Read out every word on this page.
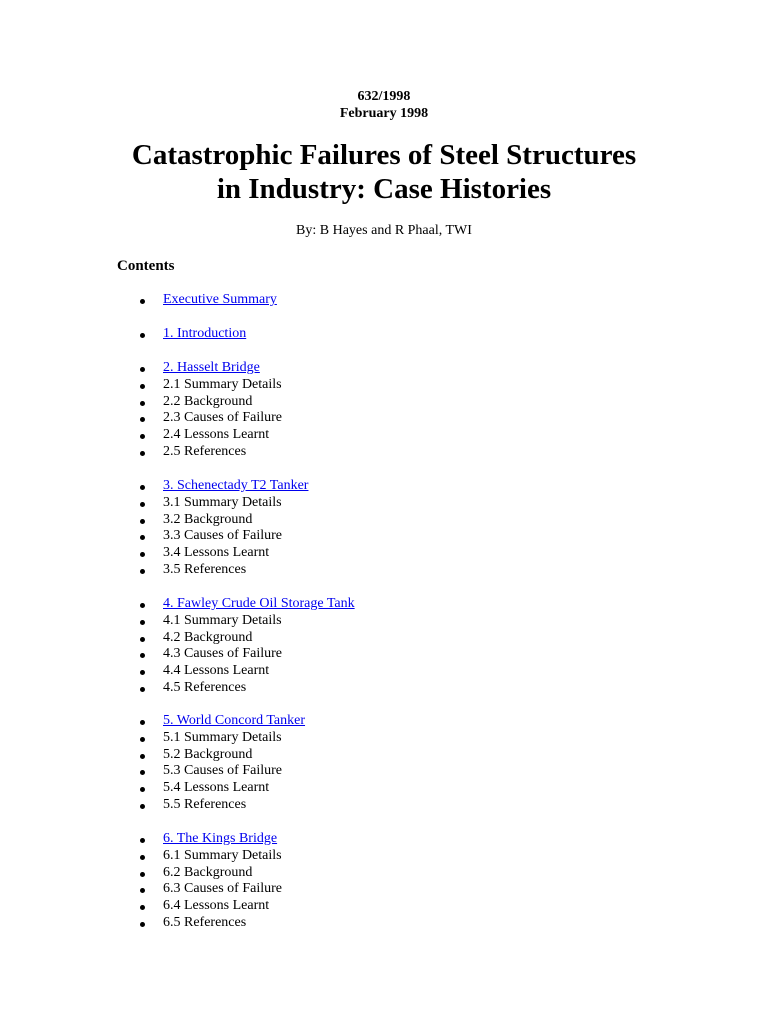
632/1998
February 1998
Catastrophic Failures of Steel Structures
in Industry: Case Histories
By: B Hayes and R Phaal, TWI
Contents
Executive Summary
1. Introduction
2. Hasselt Bridge
2.1 Summary Details
2.2 Background
2.3 Causes of Failure
2.4 Lessons Learnt
2.5 References
3. Schenectady T2 Tanker
3.1 Summary Details
3.2 Background
3.3 Causes of Failure
3.4 Lessons Learnt
3.5 References
4. Fawley Crude Oil Storage Tank
4.1 Summary Details
4.2 Background
4.3 Causes of Failure
4.4 Lessons Learnt
4.5 References
5. World Concord Tanker
5.1 Summary Details
5.2 Background
5.3 Causes of Failure
5.4 Lessons Learnt
5.5 References
6. The Kings Bridge
6.1 Summary Details
6.2 Background
6.3 Causes of Failure
6.4 Lessons Learnt
6.5 References
